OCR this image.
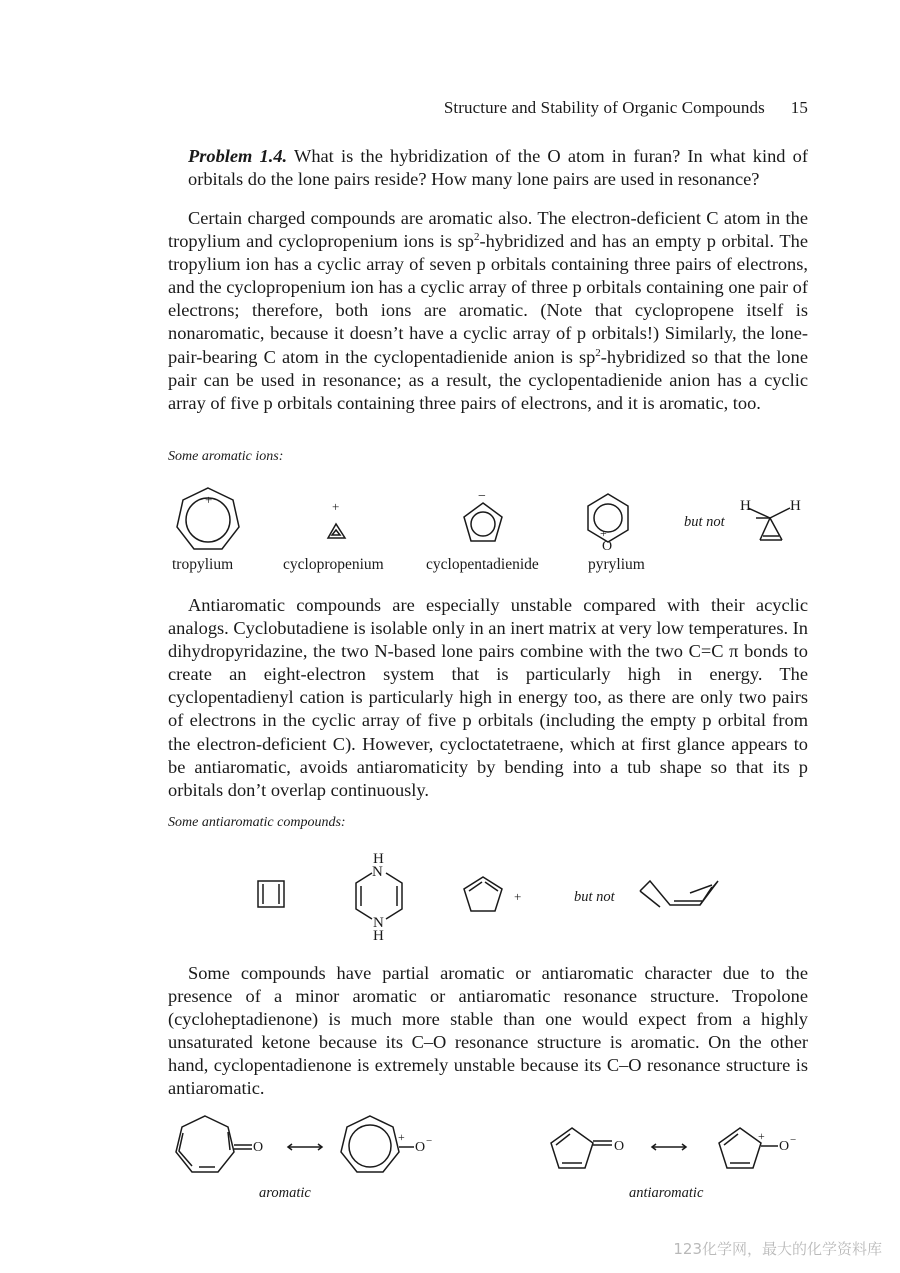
Structure and Stability of Organic Compounds 15

Problem 1.4. What is the hybridization of the O atom in furan? In what kind of orbitals do the lone pairs reside? How many lone pairs are used in resonance?

Certain charged compounds are aromatic also. The electron-deficient C atom in the tropylium and cyclopropenium ions is $sp^2$-hybridized and has an empty p orbital. The tropylium ion has a cyclic array of seven p orbitals containing three pairs of electrons, and the cyclopropenium ion has a cyclic array of three p orbitals containing one pair of electrons; therefore, both ions are aromatic. (Note that cyclopropene itself is nonaromatic, because it doesn’t have a cyclic array of p orbitals!) Similarly, the lone-pair-bearing C atom in the cyclopentadienide anion is $sp^2$-hybridized so that the lone pair can be used in resonance; as a result, the cyclopentadienide anion has a cyclic array of five p orbitals containing three pairs of electrons, and it is aromatic, too.

Some aromatic ions:
+	+
−
+
O
but not
H	H
tropylium	cyclopropenium	cyclopentadienide	pyrylium

Antiaromatic compounds are especially unstable compared with their acyclic analogs. Cyclobutadiene is isolable only in an inert matrix at very low temperatures. In dihydropyridazine, the two N-based lone pairs combine with the two C=C π bonds to create an eight-electron system that is particularly high in energy. The cyclopentadienyl cation is particularly high in energy too, as there are only two pairs of electrons in the cyclic array of five p orbitals (including the empty p orbital from the electron-deficient C). However, cycloctatetraene, which at first glance appears to be antiaromatic, avoids antiaromaticity by bending into a tub shape so that its p orbitals don’t overlap continuously.

Some antiaromatic compounds:
H
N
N
H
+	but not

Some compounds have partial aromatic or antiaromatic character due to the presence of a minor aromatic or antiaromatic resonance structure. Tropolone (cycloheptadienone) is much more stable than one would expect from a highly unsaturated ketone because its C–O resonance structure is aromatic. On the other hand, cyclopentadienone is extremely unstable because its C–O resonance structure is antiaromatic.

O
+
O −	O
+
O −
aromatic	antiaromatic
123化学网，最大的化学资料库
